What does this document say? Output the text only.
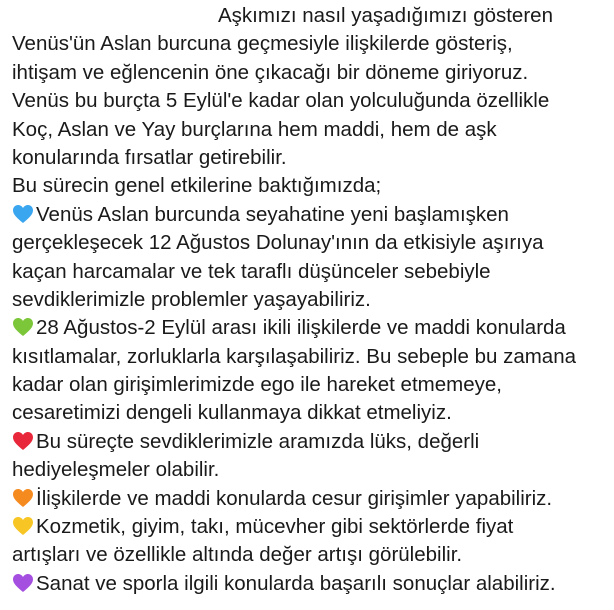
Aşkımızı nasıl yaşadığımızı gösteren
Venüs'ün Aslan burcuna geçmesiyle ilişkilerde gösteriş,
ihtişam ve eğlencenin öne çıkacağı bir döneme giriyoruz.
Venüs bu burçta 5 Eylül'e kadar olan yolculuğunda özellikle
Koç, Aslan ve Yay burçlarına hem maddi, hem de aşk
konularında fırsatlar getirebilir.
Bu sürecin genel etkilerine baktığımızda;
Venüs Aslan burcunda seyahatine yeni başlamışken
gerçekleşecek 12 Ağustos Dolunay'ının da etkisiyle aşırıya
kaçan harcamalar ve tek taraflı düşünceler sebebiyle
sevdiklerimizle problemler yaşayabiliriz.
28 Ağustos-2 Eylül arası ikili ilişkilerde ve maddi konularda
kısıtlamalar, zorluklarla karşılaşabiliriz. Bu sebeple bu zamana
kadar olan girişimlerimizde ego ile hareket etmemeye,
cesaretimizi dengeli kullanmaya dikkat etmeliyiz.
Bu süreçte sevdiklerimizle aramızda lüks, değerli
hediyeleşmeler olabilir.
İlişkilerde ve maddi konularda cesur girişimler yapabiliriz.
Kozmetik, giyim, takı, mücevher gibi sektörlerde fiyat
artışları ve özellikle altında değer artışı görülebilir.
Sanat ve sporla ilgili konularda başarılı sonuçlar alabiliriz.
